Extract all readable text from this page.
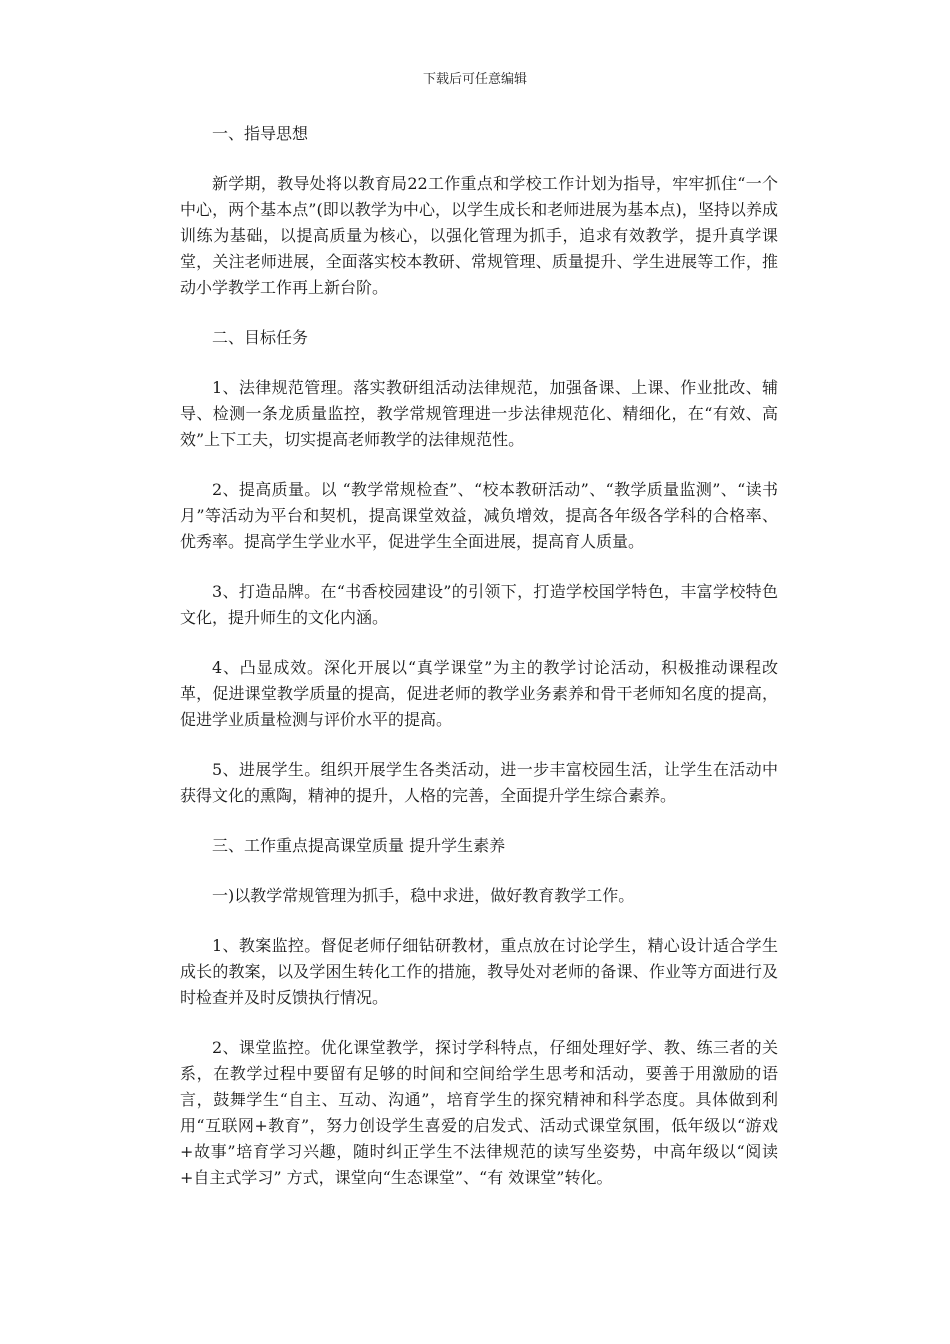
下载后可任意编辑

一、指导思想

新学期，教导处将以教育局22工作重点和学校工作计划为指导，牢牢抓住“一个中心，两个基本点”(即以教学为中心，以学生成长和老师进展为基本点)，坚持以养成训练为基础，以提高质量为核心，以强化管理为抓手，追求有效教学，提升真学课堂，关注老师进展，全面落实校本教研、常规管理、质量提升、学生进展等工作，推动小学教学工作再上新台阶。

二、目标任务

1、法律规范管理。落实教研组活动法律规范，加强备课、上课、作业批改、辅导、检测一条龙质量监控，教学常规管理进一步法律规范化、精细化，在“有效、高效”上下工夫，切实提高老师教学的法律规范性。

2、提高质量。以 “教学常规检查”、“校本教研活动”、“教学质量监测”、“读书月”等活动为平台和契机，提高课堂效益，减负增效，提高各年级各学科的合格率、优秀率。提高学生学业水平，促进学生全面进展，提高育人质量。

3、打造品牌。在“书香校园建设”的引领下，打造学校国学特色，丰富学校特色文化，提升师生的文化内涵。

4、凸显成效。深化开展以“真学课堂”为主的教学讨论活动，积极推动课程改革，促进课堂教学质量的提高，促进老师的教学业务素养和骨干老师知名度的提高，促进学业质量检测与评价水平的提高。

5、进展学生。组织开展学生各类活动，进一步丰富校园生活，让学生在活动中获得文化的熏陶，精神的提升，人格的完善，全面提升学生综合素养。

三、工作重点提高课堂质量 提升学生素养

一)以教学常规管理为抓手，稳中求进，做好教育教学工作。

1、教案监控。督促老师仔细钻研教材，重点放在讨论学生，精心设计适合学生成长的教案，以及学困生转化工作的措施，教导处对老师的备课、作业等方面进行及时检查并及时反馈执行情况。

2、课堂监控。优化课堂教学，探讨学科特点，仔细处理好学、教、练三者的关系，在教学过程中要留有足够的时间和空间给学生思考和活动，要善于用激励的语言，鼓舞学生“自主、互动、沟通”，培育学生的探究精神和科学态度。具体做到利用“互联网+教育”，努力创设学生喜爱的启发式、活动式课堂氛围，低年级以“游戏+故事”培育学习兴趣，随时纠正学生不法律规范的读写坐姿势，中高年级以“阅读+自主式学习” 方式，课堂向“生态课堂”、“有 效课堂”转化。
